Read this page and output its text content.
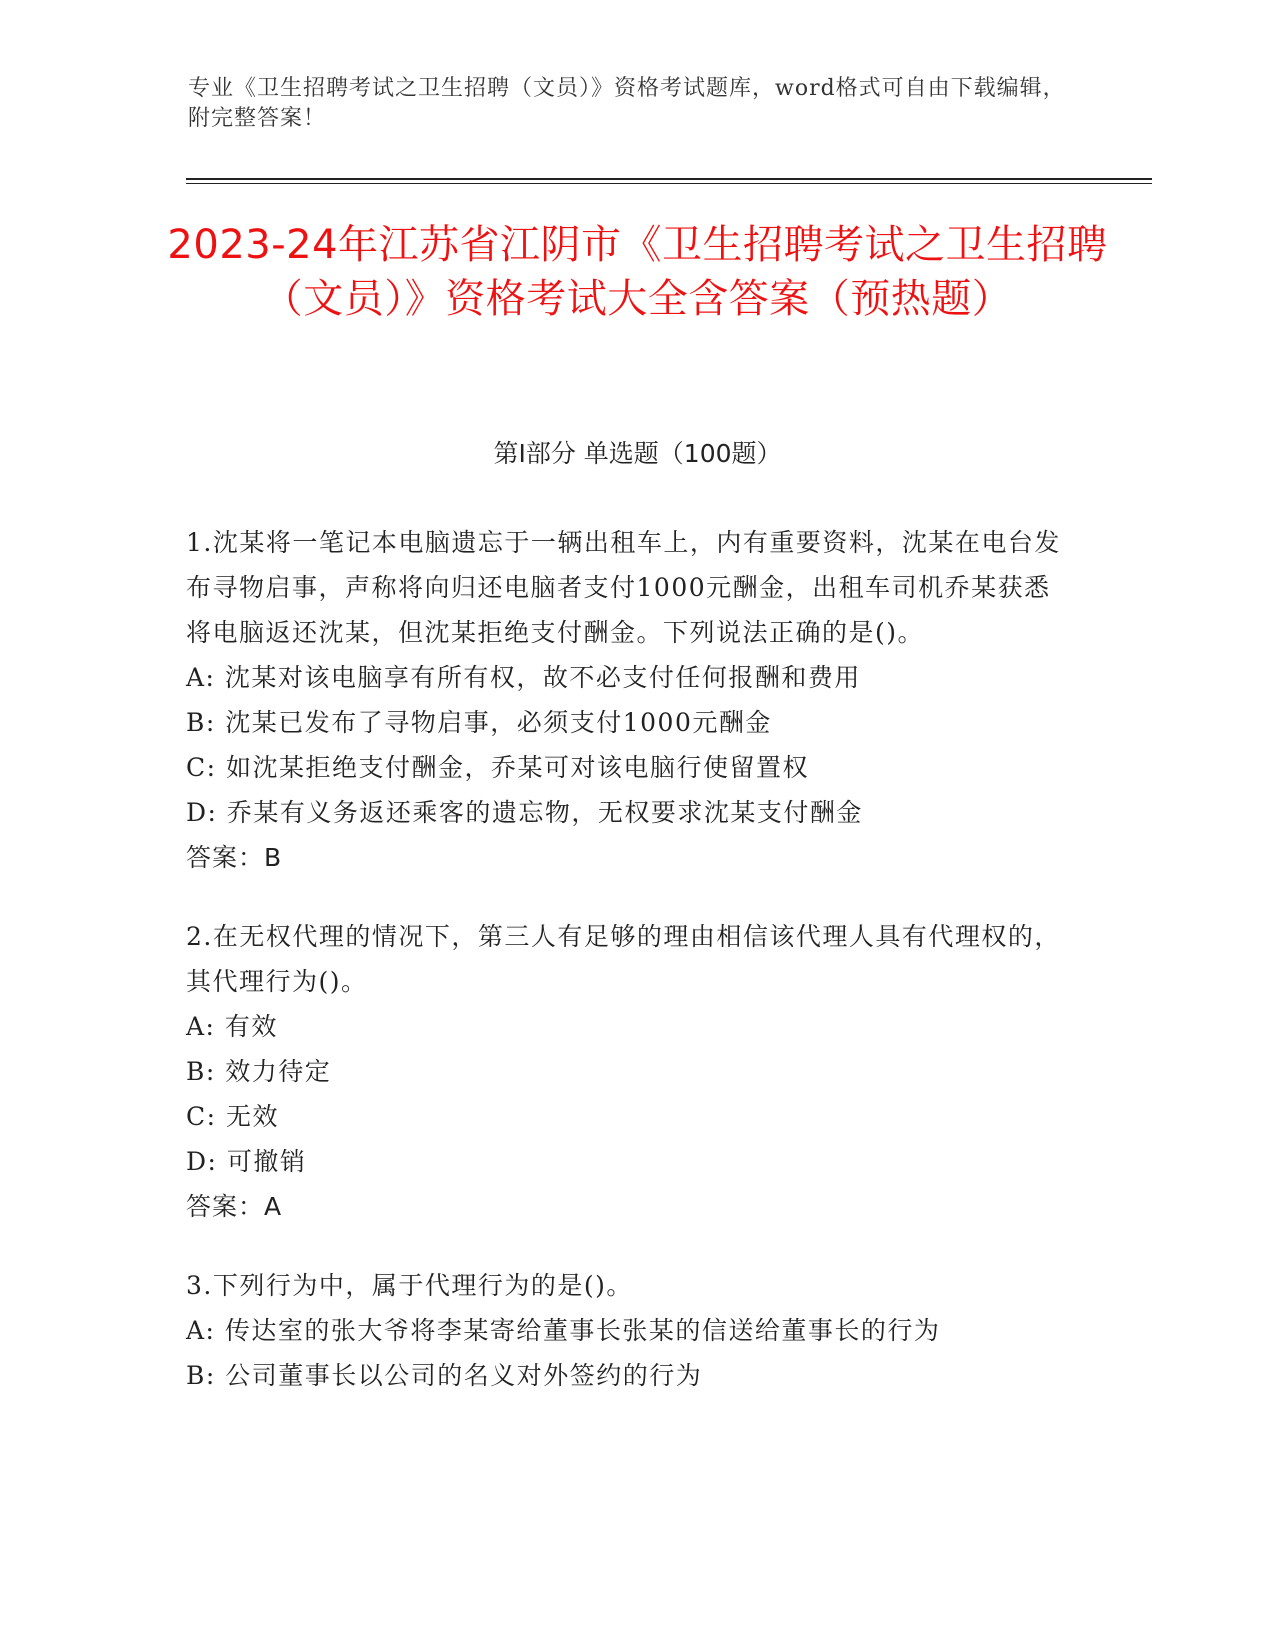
专业《卫生招聘考试之卫生招聘（文员）》资格考试题库，word格式可自由下载编辑，附完整答案！
2023-24年江苏省江阴市《卫生招聘考试之卫生招聘（文员）》资格考试大全含答案（预热题）
第Ⅰ部分 单选题（100题）
1.沈某将一笔记本电脑遗忘于一辆出租车上，内有重要资料，沈某在电台发布寻物启事，声称将向归还电脑者支付1000元酬金，出租车司机乔某获悉将电脑返还沈某，但沈某拒绝支付酬金。下列说法正确的是()。
A: 沈某对该电脑享有所有权，故不必支付任何报酬和费用
B: 沈某已发布了寻物启事，必须支付1000元酬金
C: 如沈某拒绝支付酬金，乔某可对该电脑行使留置权
D: 乔某有义务返还乘客的遗忘物，无权要求沈某支付酬金
答案：B
2.在无权代理的情况下，第三人有足够的理由相信该代理人具有代理权的，其代理行为()。
A: 有效
B: 效力待定
C: 无效
D: 可撤销
答案：A
3.下列行为中，属于代理行为的是()。
A: 传达室的张大爷将李某寄给董事长张某的信送给董事长的行为
B: 公司董事长以公司的名义对外签约的行为
